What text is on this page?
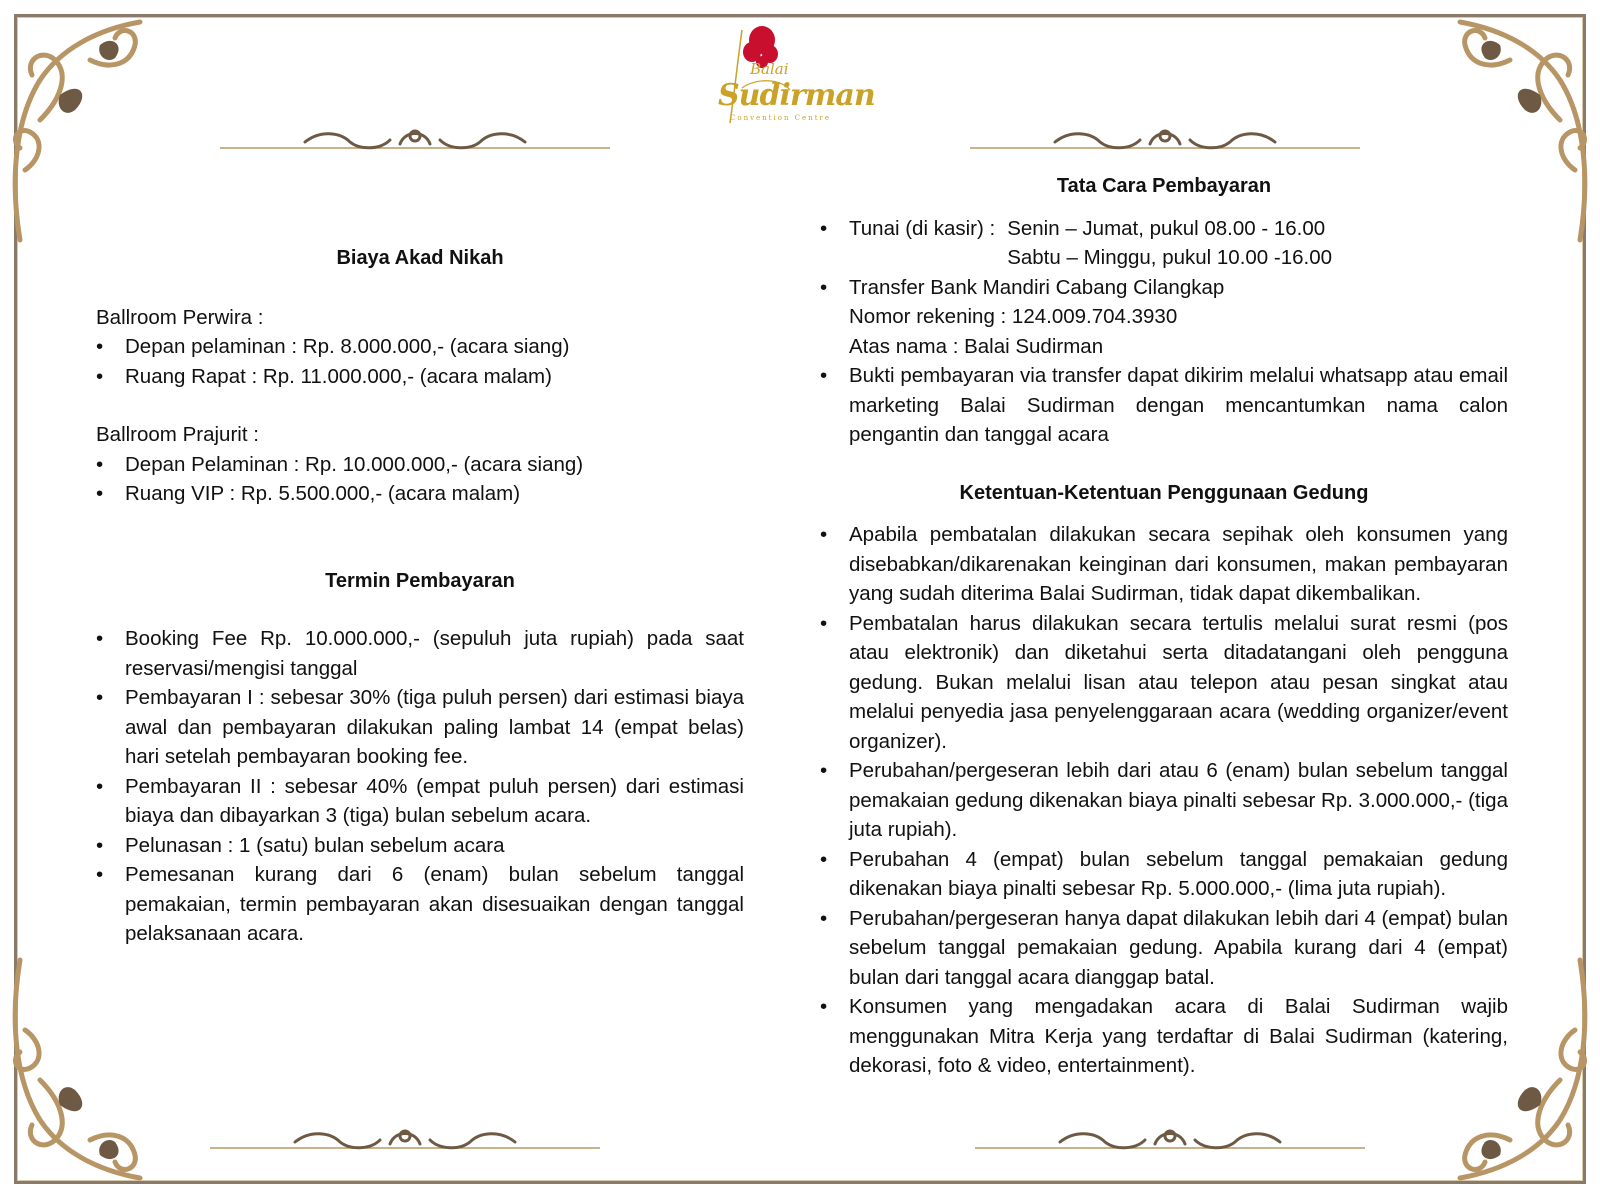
Balai
Sudirman
Convention Centre

Biaya Akad Nikah

Ballroom Perwira :

• Depan pelaminan : Rp. 8.000.000,- (acara siang)
• Ruang Rapat : Rp. 11.000.000,- (acara malam)

Ballroom Prajurit :

• Depan Pelaminan : Rp. 10.000.000,- (acara siang)
• Ruang VIP : Rp. 5.500.000,- (acara malam)

Termin Pembayaran

• Booking Fee Rp. 10.000.000,- (sepuluh juta rupiah) pada saat reservasi/mengisi tanggal
• Pembayaran I : sebesar 30% (tiga puluh persen) dari estimasi biaya awal dan pembayaran dilakukan paling lambat 14 (empat belas) hari setelah pembayaran booking fee.
• Pembayaran II : sebesar 40% (empat puluh persen) dari estimasi biaya dan dibayarkan 3 (tiga) bulan sebelum acara.
• Pelunasan : 1 (satu) bulan sebelum acara
• Pemesanan kurang dari 6 (enam) bulan sebelum tanggal pemakaian, termin pembayaran akan disesuaikan dengan tanggal pelaksanaan acara.

Tata Cara Pembayaran

• Tunai (di kasir) : Senin – Jumat, pukul 08.00 - 16.00
Sabtu – Minggu, pukul 10.00 -16.00
• Transfer Bank Mandiri Cabang Cilangkap
Nomor rekening : 124.009.704.3930
Atas nama : Balai Sudirman
• Bukti pembayaran via transfer dapat dikirim melalui whatsapp atau email marketing Balai Sudirman dengan mencantumkan nama calon pengantin dan tanggal acara

Ketentuan-Ketentuan Penggunaan Gedung

• Apabila pembatalan dilakukan secara sepihak oleh konsumen yang disebabkan/dikarenakan keinginan dari konsumen, makan pembayaran yang sudah diterima Balai Sudirman, tidak dapat dikembalikan.
• Pembatalan harus dilakukan secara tertulis melalui surat resmi (pos atau elektronik) dan diketahui serta ditadatangani oleh pengguna gedung. Bukan melalui lisan atau telepon atau pesan singkat atau melalui penyedia jasa penyelenggaraan acara (wedding organizer/event organizer).
• Perubahan/pergeseran lebih dari atau 6 (enam) bulan sebelum tanggal pemakaian gedung dikenakan biaya pinalti sebesar Rp. 3.000.000,- (tiga juta rupiah).
• Perubahan 4 (empat) bulan sebelum tanggal pemakaian gedung dikenakan biaya pinalti sebesar Rp. 5.000.000,- (lima juta rupiah).
• Perubahan/pergeseran hanya dapat dilakukan lebih dari 4 (empat) bulan sebelum tanggal pemakaian gedung. Apabila kurang dari 4 (empat) bulan dari tanggal acara dianggap batal.
• Konsumen yang mengadakan acara di Balai Sudirman wajib menggunakan Mitra Kerja yang terdaftar di Balai Sudirman (katering, dekorasi, foto & video, entertainment).
